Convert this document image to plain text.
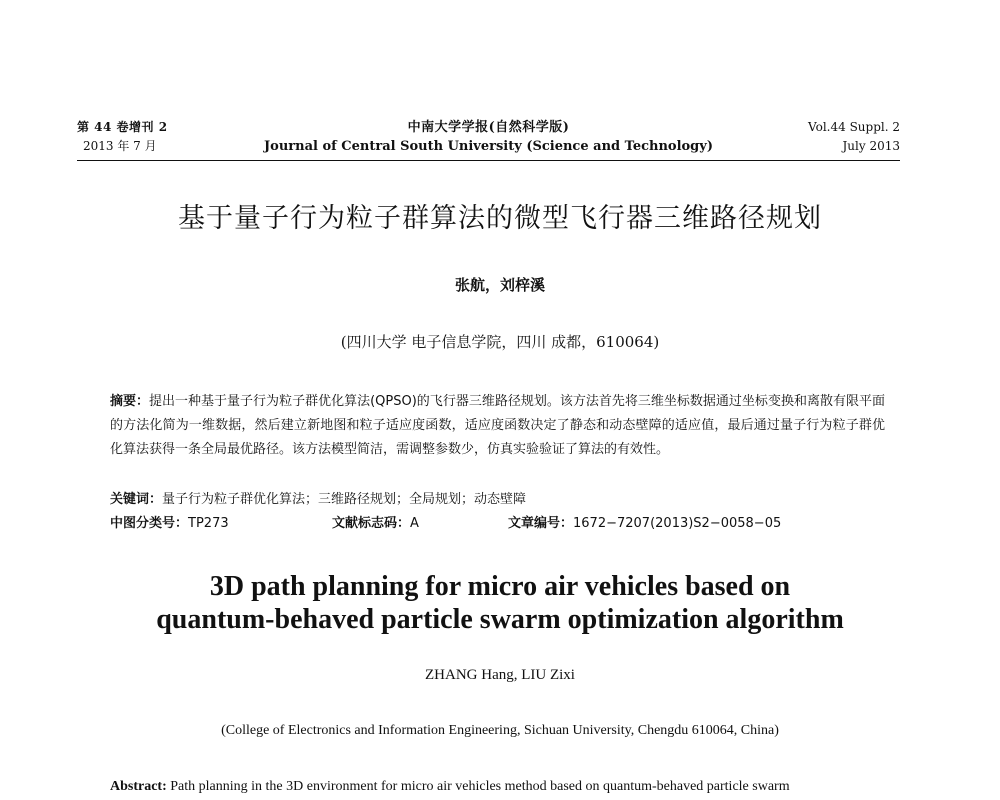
第 44 卷增刊 2
2013 年 7 月
中南大学学报(自然科学版)
Journal of Central South University (Science and Technology)
Vol.44 Suppl. 2
July 2013
基于量子行为粒子群算法的微型飞行器三维路径规划
张航，刘梓溪
(四川大学 电子信息学院，四川 成都，610064)
摘要：提出一种基于量子行为粒子群优化算法(QPSO)的飞行器三维路径规划。该方法首先将三维坐标数据通过坐标变换和离散有限平面的方法化简为一维数据，然后建立新地图和粒子适应度函数，适应度函数决定了静态和动态壁障的适应值，最后通过量子行为粒子群优化算法获得一条全局最优路径。该方法模型简洁，需调整参数少，仿真实验验证了算法的有效性。
关键词：量子行为粒子群优化算法；三维路径规划；全局规划；动态壁障
中图分类号：TP273	文献标志码：A	文章编号：1672−7207(2013)S2−0058−05
3D path planning for micro air vehicles based on
quantum-behaved particle swarm optimization algorithm
ZHANG Hang, LIU Zixi
(College of Electronics and Information Engineering, Sichuan University, Chengdu 610064, China)
Abstract: Path planning in the 3D environment for micro air vehicles method based on quantum-behaved particle swarm
